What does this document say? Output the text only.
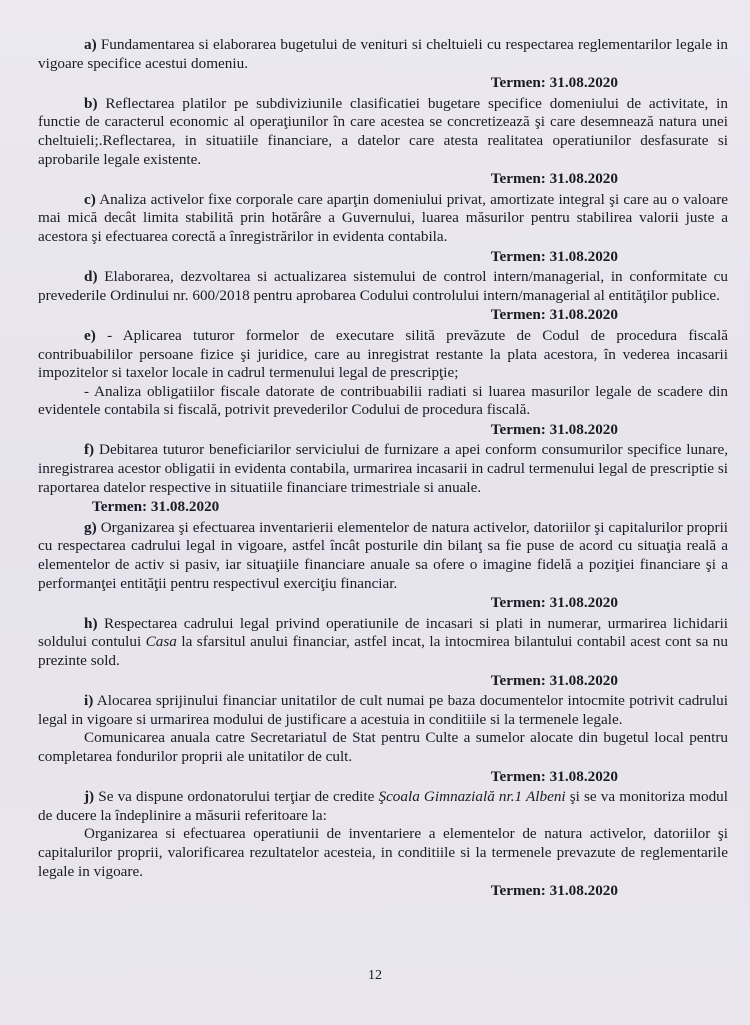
a) Fundamentarea si elaborarea bugetului de venituri si cheltuieli cu respectarea reglementarilor legale in vigoare specifice acestui domeniu.

Termen: 31.08.2020

b) Reflectarea platilor pe subdiviziunile clasificatiei bugetare specifice domeniului de activitate, in functie de caracterul economic al operaţiunilor în care acestea se concretizează şi care desemnează natura unei cheltuieli;.Reflectarea, in situatiile financiare, a datelor care atesta realitatea operatiunilor desfasurate si aprobarile legale existente.

Termen: 31.08.2020

c) Analiza activelor fixe corporale care aparţin domeniului privat, amortizate integral şi care au o valoare mai mică decât limita stabilită prin hotărâre a Guvernului, luarea măsurilor pentru stabilirea valorii juste a acestora şi efectuarea corectă a înregistrărilor in evidenta contabila.

Termen: 31.08.2020

d) Elaborarea, dezvoltarea si actualizarea sistemului de control intern/managerial, in conformitate cu prevederile Ordinului nr. 600/2018 pentru aprobarea Codului controlului intern/managerial al entităţilor publice.

Termen: 31.08.2020

e) - Aplicarea tuturor formelor de executare silită prevăzute de Codul de procedura fiscală contribuabililor persoane fizice şi juridice, care au inregistrat restante la plata acestora, în vederea incasarii impozitelor si taxelor locale in cadrul termenului legal de prescripţie;

- Analiza obligatiilor fiscale datorate de contribuabilii radiati si luarea masurilor legale de scadere din evidentele contabila si fiscală, potrivit prevederilor Codului de procedura fiscală.

Termen: 31.08.2020

f) Debitarea tuturor beneficiarilor serviciului de furnizare a apei conform consumurilor specifice lunare, inregistrarea acestor obligatii in evidenta contabila, urmarirea incasarii in cadrul termenului legal de prescriptie si raportarea datelor respective in situatiile financiare trimestriale si anuale.

Termen: 31.08.2020

g) Organizarea şi efectuarea inventarierii elementelor de natura activelor, datoriilor şi capitalurilor proprii cu respectarea cadrului legal in vigoare, astfel încât posturile din bilanţ sa fie puse de acord cu situaţia reală a elementelor de activ si pasiv, iar situaţiile financiare anuale sa ofere o imagine fidelă a poziţiei financiare şi a performanţei entităţii pentru respectivul exerciţiu financiar.

Termen: 31.08.2020

h) Respectarea cadrului legal privind operatiunile de incasari si plati in numerar, urmarirea lichidarii soldului contului Casa la sfarsitul anului financiar, astfel incat, la intocmirea bilantului contabil acest cont sa nu prezinte sold.

Termen: 31.08.2020

i) Alocarea sprijinului financiar unitatilor de cult numai pe baza documentelor intocmite potrivit cadrului legal in vigoare si urmarirea modului de justificare a acestuia in conditiile si la termenele legale.

Comunicarea anuala catre Secretariatul de Stat pentru Culte a sumelor alocate din bugetul local pentru completarea fondurilor proprii ale unitatilor de cult.

Termen: 31.08.2020

j) Se va dispune ordonatorului terţiar de credite Şcoala Gimnazială nr.1 Albeni şi se va monitoriza modul de ducere la îndeplinire a măsurii referitoare la:

Organizarea si efectuarea operatiunii de inventariere a elementelor de natura activelor, datoriilor şi capitalurilor proprii, valorificarea rezultatelor acesteia, in conditiile si la termenele prevazute de reglementarile legale in vigoare.

Termen: 31.08.2020
12
